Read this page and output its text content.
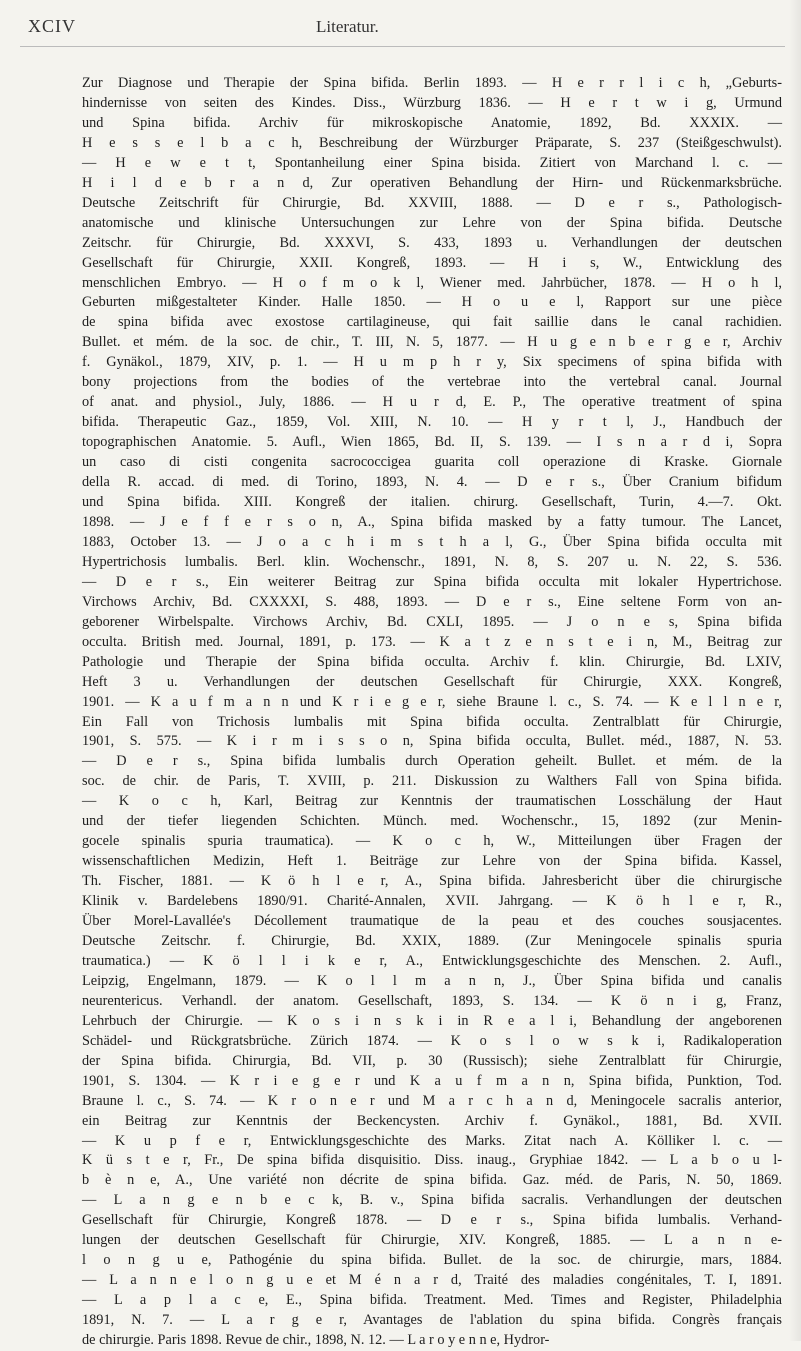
XCIV	Literatur.
Zur Diagnose und Therapie der Spina bifida. Berlin 1893. — H e r r l i c h, „Geburts-
hindernisse von seiten des Kindes. Diss., Würzburg 1836. — H e r t w i g, Urmund
und Spina bifida. Archiv für mikroskopische Anatomie, 1892, Bd. XXXIX. —
H e s s e l b a c h, Beschreibung der Würzburger Präparate, S. 237 (Steißgeschwulst).
— H e w e t t, Spontanheilung einer Spina bisida. Zitiert von Marchand l. c. —
H i l d e b r a n d, Zur operativen Behandlung der Hirn- und Rückenmarksbrüche.
Deutsche Zeitschrift für Chirurgie, Bd. XXVIII, 1888. — D e r s., Pathologisch-
anatomische und klinische Untersuchungen zur Lehre von der Spina bifida. Deutsche
Zeitschr. für Chirurgie, Bd. XXXVI, S. 433, 1893 u. Verhandlungen der deutschen
Gesellschaft für Chirurgie, XXII. Kongreß, 1893. — H i s, W., Entwicklung des
menschlichen Embryo. — H o f m o k l, Wiener med. Jahrbücher, 1878. — H o h l,
Geburten mißgestalteter Kinder. Halle 1850. — H o u e l, Rapport sur une pièce
de spina bifida avec exostose cartilagineuse, qui fait saillie dans le canal rachidien.
Bullet. et mém. de la soc. de chir., T. III, N. 5, 1877. — H u g e n b e r g e r, Archiv
f. Gynäkol., 1879, XIV, p. 1. — H u m p h r y, Six specimens of spina bifida with
bony projections from the bodies of the vertebrae into the vertebral canal. Journal
of anat. and physiol., July, 1886. — H u r d, E. P., The operative treatment of spina
bifida. Therapeutic Gaz., 1859, Vol. XIII, N. 10. — H y r t l, J., Handbuch der
topographischen Anatomie. 5. Aufl., Wien 1865, Bd. II, S. 139. — I s n a r d i, Sopra
un caso di cisti congenita sacrococcigea guarita coll operazione di Kraske. Giornale
della R. accad. di med. di Torino, 1893, N. 4. — D e r s., Über Cranium bifidum
und Spina bifida. XIII. Kongreß der italien. chirurg. Gesellschaft, Turin, 4.—7. Okt.
1898. — J e f f e r s o n, A., Spina bifida masked by a fatty tumour. The Lancet,
1883, October 13. — J o a c h i m s t h a l, G., Über Spina bifida occulta mit
Hypertrichosis lumbalis. Berl. klin. Wochenschr., 1891, N. 8, S. 207 u. N. 22, S. 536.
— D e r s., Ein weiterer Beitrag zur Spina bifida occulta mit lokaler Hypertrichose.
Virchows Archiv, Bd. CXXXXI, S. 488, 1893. — D e r s., Eine seltene Form von an-
geborener Wirbelspalte. Virchows Archiv, Bd. CXLI, 1895. — J o n e s, Spina bifida
occulta. British med. Journal, 1891, p. 173. — K a t z e n s t e i n, M., Beitrag zur
Pathologie und Therapie der Spina bifida occulta. Archiv f. klin. Chirurgie, Bd. LXIV,
Heft 3 u. Verhandlungen der deutschen Gesellschaft für Chirurgie, XXX. Kongreß,
1901. — K a u f m a n n und K r i e g e r, siehe Braune l. c., S. 74. — K e l l n e r,
Ein Fall von Trichosis lumbalis mit Spina bifida occulta. Zentralblatt für Chirurgie,
1901, S. 575. — K i r m i s s o n, Spina bifida occulta, Bullet. méd., 1887, N. 53.
— D e r s., Spina bifida lumbalis durch Operation geheilt. Bullet. et mém. de la
soc. de chir. de Paris, T. XVIII, p. 211. Diskussion zu Walthers Fall von Spina bifida.
— K o c h, Karl, Beitrag zur Kenntnis der traumatischen Losschälung der Haut
und der tiefer liegenden Schichten. Münch. med. Wochenschr., 15, 1892 (zur Menin-
gocele spinalis spuria traumatica). — K o c h, W., Mitteilungen über Fragen der
wissenschaftlichen Medizin, Heft 1. Beiträge zur Lehre von der Spina bifida. Kassel,
Th. Fischer, 1881. — K ö h l e r, A., Spina bifida. Jahresbericht über die chirurgische
Klinik v. Bardelebens 1890/91. Charité-Annalen, XVII. Jahrgang. — K ö h l e r, R.,
Über Morel-Lavallée's Décollement traumatique de la peau et des couches sousjacentes.
Deutsche Zeitschr. f. Chirurgie, Bd. XXIX, 1889. (Zur Meningocele spinalis spuria
traumatica.) — K ö l l i k e r, A., Entwicklungsgeschichte des Menschen. 2. Aufl.,
Leipzig, Engelmann, 1879. — K o l l m a n n, J., Über Spina bifida und canalis
neurentericus. Verhandl. der anatom. Gesellschaft, 1893, S. 134. — K ö n i g, Franz,
Lehrbuch der Chirurgie. — K o s i n s k i in R e a l i, Behandlung der angeborenen
Schädel- und Rückgratsbrüche. Zürich 1874. — K o s l o w s k i, Radikaloperation
der Spina bifida. Chirurgia, Bd. VII, p. 30 (Russisch); siehe Zentralblatt für Chirurgie,
1901, S. 1304. — K r i e g e r und K a u f m a n n, Spina bifida, Punktion, Tod.
Braune l. c., S. 74. — K r o n e r und M a r c h a n d, Meningocele sacralis anterior,
ein Beitrag zur Kenntnis der Beckencysten. Archiv f. Gynäkol., 1881, Bd. XVII.
— K u p f e r, Entwicklungsgeschichte des Marks. Zitat nach A. Kölliker l. c. —
K ü s t e r, Fr., De spina bifida disquisitio. Diss. inaug., Gryphiae 1842. — L a b o u l-
b è n e, A., Une variété non décrite de spina bifida. Gaz. méd. de Paris, N. 50, 1869.
— L a n g e n b e c k, B. v., Spina bifida sacralis. Verhandlungen der deutschen
Gesellschaft für Chirurgie, Kongreß 1878. — D e r s., Spina bifida lumbalis. Verhand-
lungen der deutschen Gesellschaft für Chirurgie, XIV. Kongreß, 1885. — L a n n e-
l o n g u e, Pathogénie du spina bifida. Bullet. de la soc. de chirurgie, mars, 1884.
— L a n n e l o n g u e et M é n a r d, Traité des maladies congénitales, T. I, 1891.
— L a p l a c e, E., Spina bifida. Treatment. Med. Times and Register, Philadelphia
1891, N. 7. — L a r g e r, Avantages de l'ablation du spina bifida. Congrès français
de chirurgie. Paris 1898. Revue de chir., 1898, N. 12. — L a r o y e n n e, Hydror-
